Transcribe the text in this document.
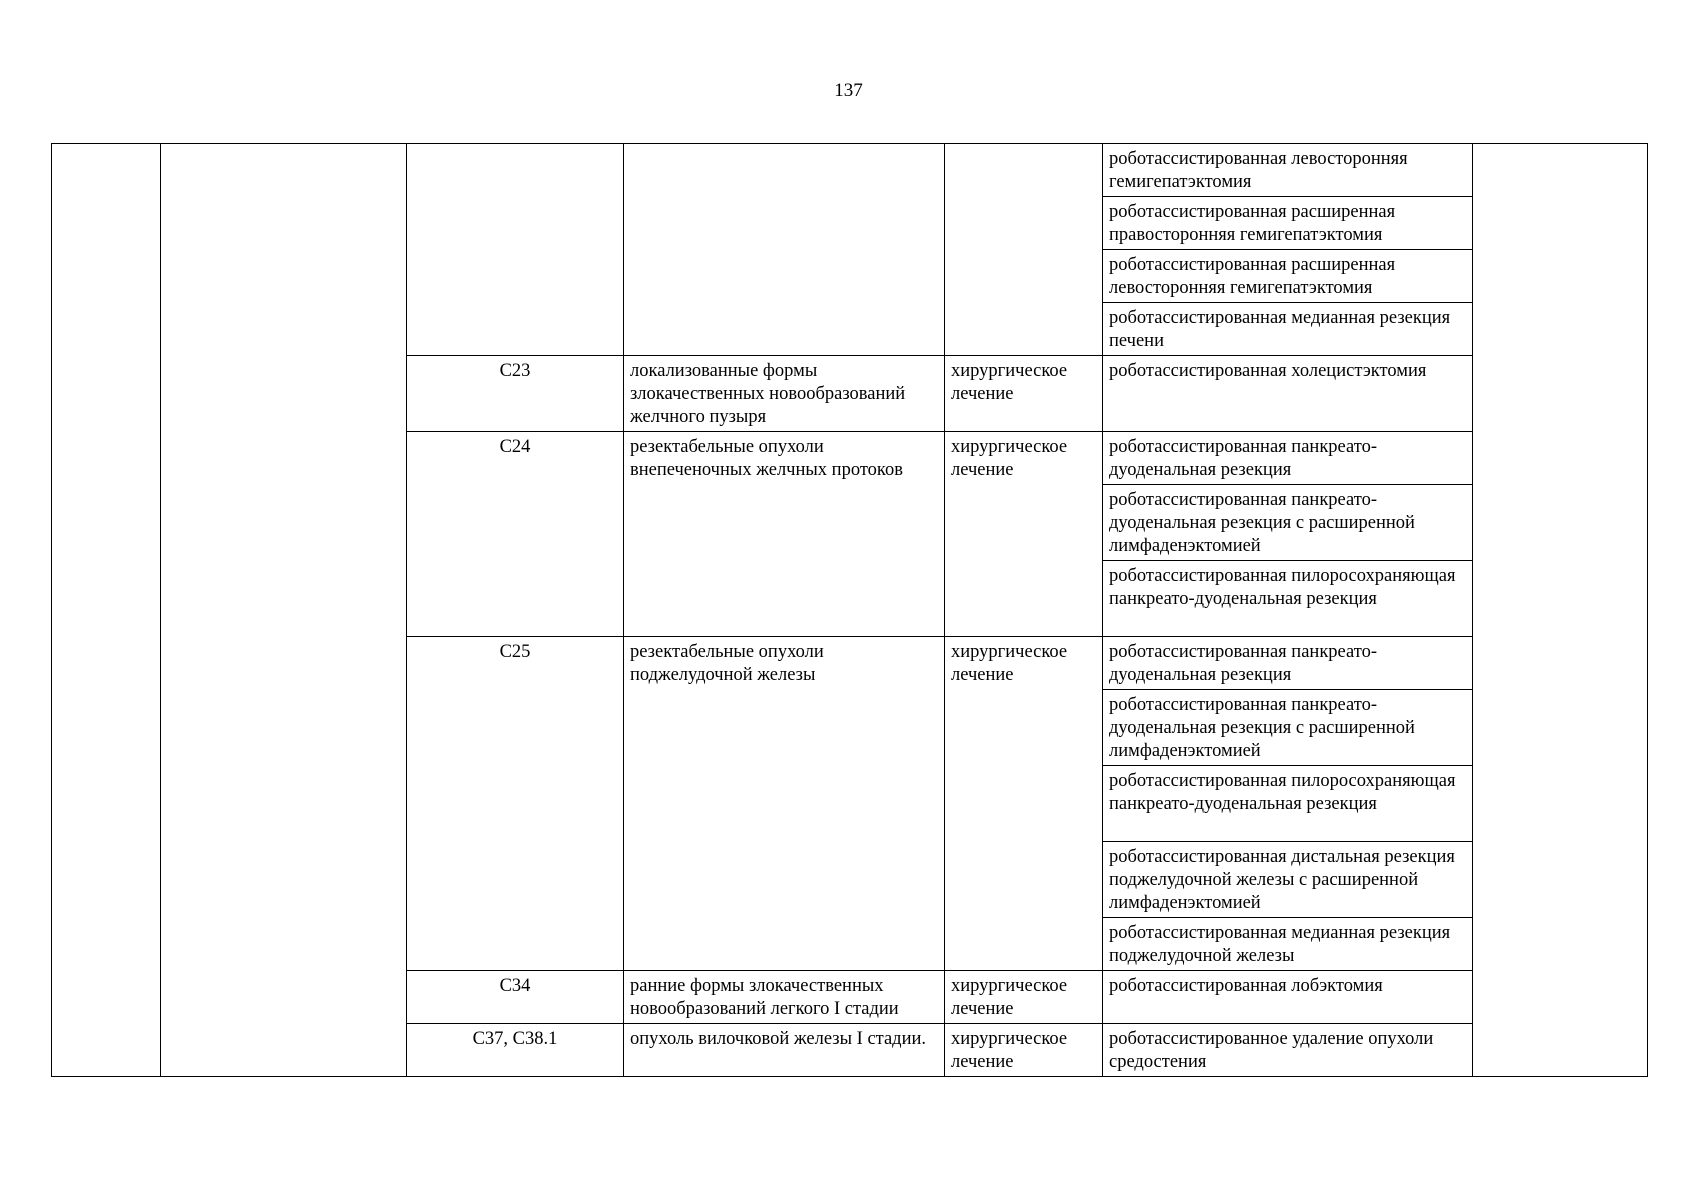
137
					роботассистированная левосторонняя гемигепатэктомия	
					роботассистированная расширенная правосторонняя гемигепатэктомия	
					роботассистированная расширенная левосторонняя гемигепатэктомия	
					роботассистированная медианная резекция печени	
		C23	локализованные формы злокачественных новообразований желчного пузыря	хирургическое лечение	роботассистированная холецистэктомия	
		C24	резектабельные опухоли внепеченочных желчных протоков	хирургическое лечение	роботассистированная панкреато-дуоденальная резекция	
					роботассистированная панкреато-дуоденальная резекция с расширенной лимфаденэктомией	
					роботассистированная пилоросохраняющая панкреато-дуоденальная резекция	
		C25	резектабельные опухоли поджелудочной железы	хирургическое лечение	роботассистированная панкреато-дуоденальная резекция	
					роботассистированная панкреато-дуоденальная резекция с расширенной лимфаденэктомией	
					роботассистированная пилоросохраняющая панкреато-дуоденальная резекция	
					роботассистированная дистальная резекция поджелудочной железы с расширенной лимфаденэктомией	
					роботассистированная медианная резекция поджелудочной железы	
		C34	ранние формы злокачественных новообразований легкого I стадии	хирургическое лечение	роботассистированная лобэктомия	
		C37, C38.1	опухоль вилочковой железы I стадии.	хирургическое лечение	роботассистированное удаление опухоли средостения	
